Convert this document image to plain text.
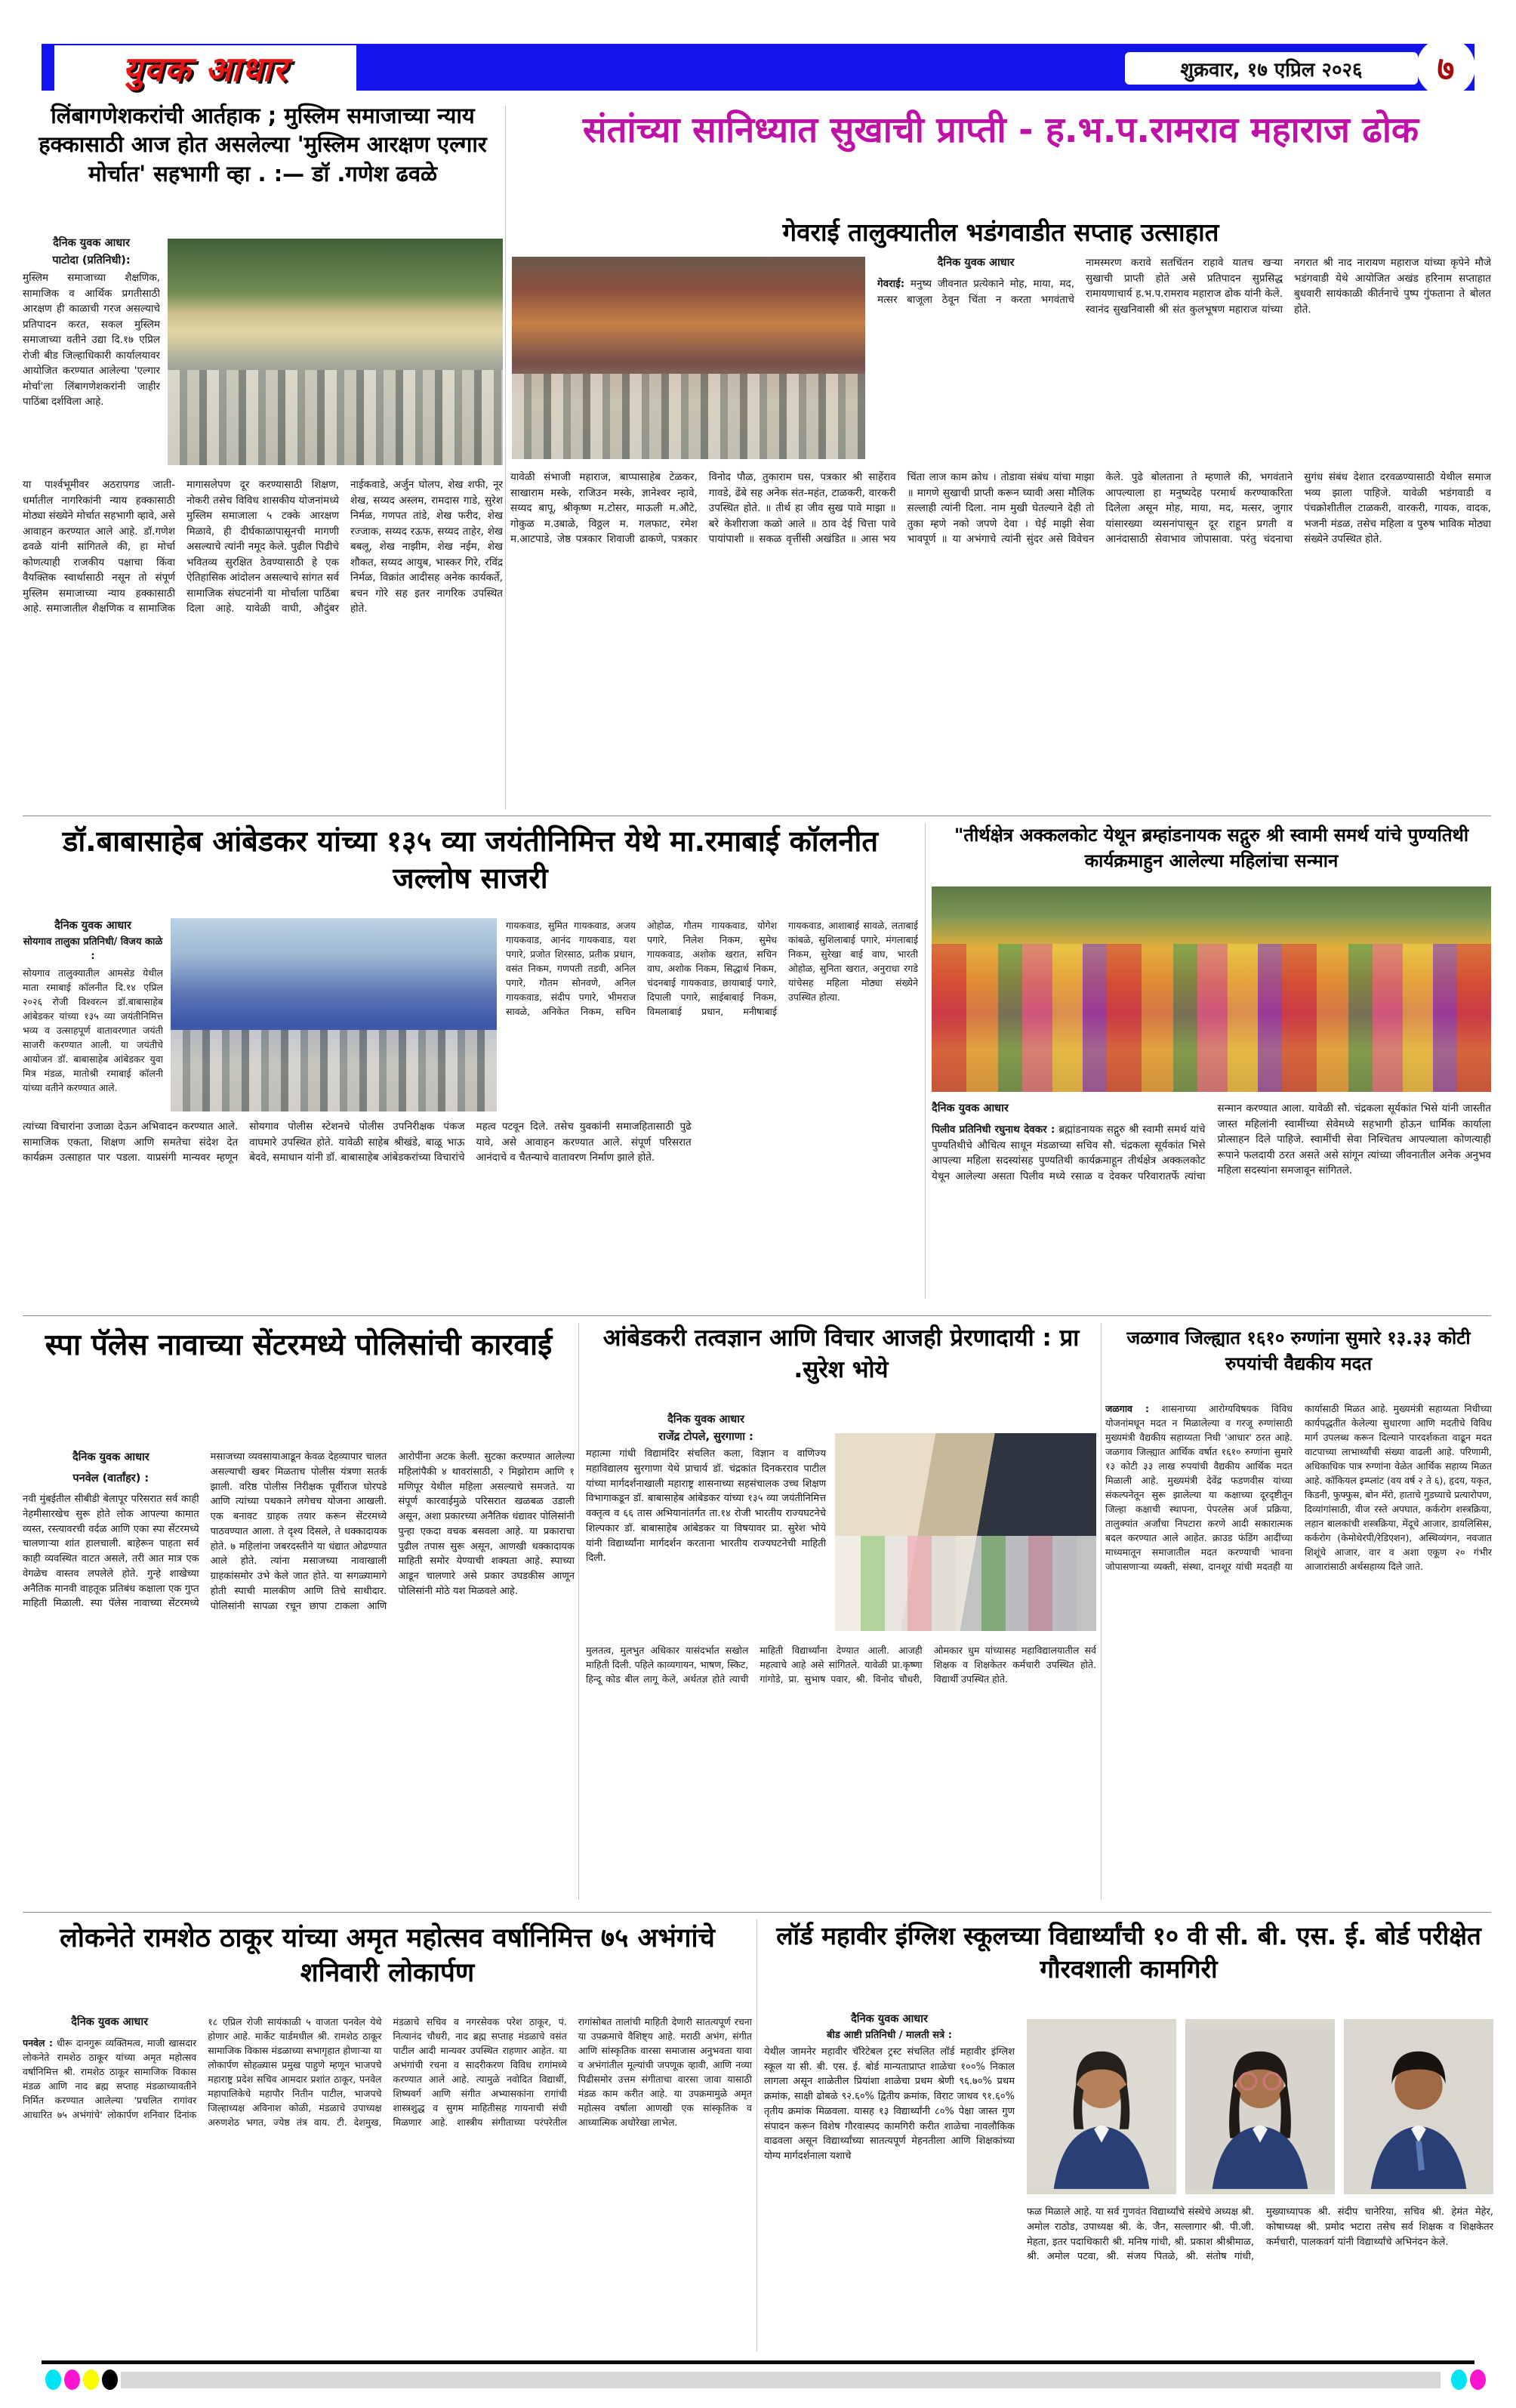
युवक आधार	शुक्रवार, १७ एप्रिल २०२६	७
लिंबागणेशकरांची आर्तहाक ; मुस्लिम समाजाच्या न्याय हक्कासाठी आज होत असलेल्या 'मुस्लिम आरक्षण एल्गार मोर्चात' सहभागी व्हा . :— डॉ .गणेश ढवळे
दैनिक युवक आधार
पाटोदा (प्रतिनिधी):
मुस्लिम समाजाच्या शैक्षणिक, सामाजिक व आर्थिक प्रगतीसाठी आरक्षण ही काळाची गरज असल्याचे प्रतिपादन करत, सकल मुस्लिम समाजाच्या वतीने उद्या दि.१७ एप्रिल रोजी बीड जिल्हाधिकारी कार्यालयावर आयोजित करण्यात आलेल्या 'एल्गार मोर्चा'ला लिंबागणेशकरांनी जाहीर पाठिंबा दर्शविला आहे.
या पार्श्वभूमीवर अठरापगड जाती-धर्मातील नागरिकांनी न्याय हक्कासाठी मोठ्या संख्येने मोर्चात सहभागी व्हावे, असे आवाहन करण्यात आले आहे. डॉ.गणेश ढवळे यांनी सांगितले की, हा मोर्चा कोणत्याही राजकीय पक्षाचा किंवा वैयक्तिक स्वार्थासाठी नसून तो संपूर्ण मुस्लिम समाजाच्या न्याय हक्कासाठी आहे. समाजातील शैक्षणिक व सामाजिक मागासलेपण दूर करण्यासाठी शिक्षण, नोकरी तसेच विविध शासकीय योजनांमध्ये मुस्लिम समाजाला ५ टक्के आरक्षण मिळावे, ही दीर्घकाळापासूनची मागणी असल्याचे त्यांनी नमूद केले. पुढील पिढीचे भवितव्य सुरक्षित ठेवण्यासाठी हे एक ऐतिहासिक आंदोलन असल्याचे सांगत सर्व सामाजिक संघटनांनी या मोर्चाला पाठिंबा दिला आहे. यावेळी वाघी, औदुंबर नाईकवाडे, अर्जुन घोलप, शेख शफी, नूर शेख, सय्यद अस्लम, रामदास गाडे, सुरेश निर्मळ, गणपत तांडे, शेख फरीद, शेख रज्जाक, सय्यद रऊफ, सय्यद ताहेर, शेख बबलू, शेख नाझीम, शेख नईम, शेख शौकत, सय्यद आयुब, भास्कर गिरे, रविंद्र निर्मळ, विक्रांत आदीसह अनेक कार्यकर्ते, बचन गोरे सह इतर नागरिक उपस्थित होते.
संतांच्या सानिध्यात सुखाची प्राप्ती - ह.भ.प.रामराव महाराज ढोक
गेवराई तालुक्यातील भडंगवाडीत सप्ताह उत्साहात

दैनिक युवक आधार

गेवराई: मनुष्य जीवनात प्रत्येकाने मोह, माया, मद, मत्सर बाजूला ठेवून चिंता न करता भगवंताचे नामस्मरण करावे सतचिंतन राहावे यातच खऱ्या सुखाची प्राप्ती होते असे प्रतिपादन सुप्रसिद्ध रामायणाचार्य ह.भ.प.रामराव महाराज ढोक यांनी केले. स्वानंद सुखनिवासी श्री संत कुलभूषण महाराज यांच्या नगरात श्री नाद नारायण महाराज यांच्या कृपेने मौजे भडंगवाडी येथे आयोजित अखंड हरिनाम सप्ताहात बुधवारी सायंकाळी कीर्तनाचे पुष्प गुंफताना ते बोलत होते.

यावेळी संभाजी महाराज, बाप्पासाहेब टेळकर, साखाराम मस्के, राजिउन मस्के, ज्ञानेश्वर न्हावे, सय्यद बापू, श्रीकृष्ण म.टोसर, माऊली म.औटे, गोकुळ म.उबाळे, विठ्ठल म. गलफाट, रमेश म.आटपाडे, जेष्ठ पत्रकार शिवाजी ढाकणे, पत्रकार विनोद पौळ, तुकाराम घस, पत्रकार श्री साहेंराव गावडे, ढेंबे सह अनेक संत-महंत, टाळकरी, वारकरी उपस्थित होते. ॥ तीर्थ हा जीव सुख पावे माझा ॥ बरे केशीराजा कळो आले ॥ ठाव देई चित्ता पावे पायांपाशी ॥ सकळ वृत्तींसी अखंडित ॥ आस भय चिंता लाज काम क्रोध । तोडावा संबंध यांचा माझा ॥ मागणे सुखाची प्राप्ती करून घ्यावी असा मौलिक सल्लाही त्यांनी दिला. नाम मुखी घेतल्याने देही तो तुका म्हणे नको जपणे देवा । घेई माझी सेवा भावपूर्ण ॥ या अभंगाचे त्यांनी सुंदर असे विवेचन केले. पुढे बोलताना ते म्हणाले की, भगवंताने आपल्याला हा मनुष्यदेह परमार्थ करण्याकरिता दिलेला असून मोह, माया, मद, मत्सर, जुगार यांसारख्या व्यसनांपासून दूर राहून प्रगती व आनंदासाठी सेवाभाव जोपासावा. परंतु चंदनाचा सुगंध संबंध देशात दरवळण्यासाठी येथील समाज भव्य झाला पाहिजे. यावेळी भडंगवाडी व पंचक्रोशीतील टाळकरी, वारकरी, गायक, वादक, भजनी मंडळ, तसेच महिला व पुरुष भाविक मोठ्या संख्येने उपस्थित होते.
डॉ.बाबासाहेब आंबेडकर यांच्या १३५ व्या जयंतीनिमित्त येथे मा.रमाबाई कॉलनीत जल्लोष साजरी
दैनिक युवक आधार
सोयगाव तालुका प्रतिनिधी/ विजय काळे :
सोयगाव तालुक्यातील आमसेड येथील माता रमाबाई कॉलनीत दि.१४ एप्रिल २०२६ रोजी विश्वरत्न डॉ.बाबासाहेब आंबेडकर यांच्या १३५ व्या जयंतीनिमित्त भव्य व उत्साहपूर्ण वातावरणात जयंती साजरी करण्यात आली. या जयंतीचे आयोजन डॉ. बाबासाहेब आंबेडकर युवा मित्र मंडळ, मातोश्री रमाबाई कॉलनी यांच्या वतीने करण्यात आले.
गायकवाड, सुमित गायकवाड, अजय गायकवाड, आनंद गायकवाड, यश पगारे, प्रजोत शिरसाठ, प्रतीक प्रधान, वसंत निकम, गणपती तडवी, अनिल पगारे, गौतम सोनवणे, अनिल गायकवाड, संदीप पगारे, भीमराज सावळे, अनिकेत निकम, सचिन ओहोळ, गौतम गायकवाड, योगेश पगारे, निलेश निकम, सुमेध गायकवाड, अशोक खरात, सचिन वाघ, अशोक निकम, सिद्धार्थ निकम, चंदनबाई गायकवाड, छायाबाई पगारे, दिपाली पगारे, साईबाबाई निकम, विमलाबाई प्रधान, मनीषाबाई गायकवाड, आशाबाई सावळे, लताबाई कांबळे, सुशिलाबाई पगारे, मंगलाबाई निकम, सुरेखा बाई वाघ, भारती ओहोळ, सुनिता खरात, अनुराधा रगडे यांचेसह महिला मोठ्या संख्येने उपस्थित होत्या.
त्यांच्या विचारांना उजाळा देऊन अभिवादन करण्यात आले. सामाजिक एकता, शिक्षण आणि समतेचा संदेश देत कार्यक्रम उत्साहात पार पडला. याप्रसंगी मान्यवर म्हणून सोयगाव पोलीस स्टेशनचे पोलीस उपनिरीक्षक पंकज वाघमारे उपस्थित होते. यावेळी साहेब श्रीखंडे, बाळू भाऊ बेदवे, समाधान यांनी डॉ. बाबासाहेब आंबेडकरांच्या विचारांचे महत्व पटवून दिले. तसेच युवकांनी समाजहितासाठी पुढे यावे, असे आवाहन करण्यात आले. संपूर्ण परिसरात आनंदाचे व चैतन्याचे वातावरण निर्माण झाले होते.
"तीर्थक्षेत्र अक्कलकोट येथून ब्रम्हांडनायक सद्गुरु श्री स्वामी समर्थ यांचे पुण्यतिथी कार्यक्रमाहुन आलेल्या महिलांचा सन्मान

दैनिक युवक आधार

पिलीव प्रतिनिधी रघुनाथ देवकर : ब्रह्मांडनायक सद्गुरु श्री स्वामी समर्थ यांचे पुण्यतिथीचे औचित्य साधून मंडळाच्या सचिव सौ. चंद्रकला सूर्यकांत भिसे आपल्या महिला सदस्यांसह पुण्यतिथी कार्यक्रमाहून तीर्थक्षेत्र अक्कलकोट येथून आलेल्या असता पिलीव मध्ये रसाळ व देवकर परिवारातर्फे त्यांचा सन्मान करण्यात आला. यावेळी सौ. चंद्रकला सूर्यकांत भिसे यांनी जास्तीत जास्त महिलांनी स्वामींच्या सेवेमध्ये सहभागी होऊन धार्मिक कार्याला प्रोत्साहन दिले पाहिजे. स्वामींची सेवा निश्चितच आपल्याला कोणत्याही रूपाने फलदायी ठरत असते असे सांगून त्यांच्या जीवनातील अनेक अनुभव महिला सदस्यांना समजावून सांगितले.

स्पा पॅलेस नावाच्या सेंटरमध्ये पोलिसांची कारवाई

दैनिक युवक आधार

पनवेल (वार्तांहर) :

नवी मुंबईतील सीबीडी बेलापूर परिसरात सर्व काही नेहमीसारखेच सुरू होते लोक आपल्या कामात व्यस्त, रस्त्यावरची वर्दळ आणि एका स्पा सेंटरमध्ये चालणाऱ्या शांत हालचाली. बाहेरून पाहता सर्व काही व्यवस्थित वाटत असले, तरी आत मात्र एक वेगळेच वास्तव लपलेले होते. गुन्हे शाखेच्या अनैतिक मानवी वाहतूक प्रतिबंध कक्षाला एक गुप्त माहिती मिळाली. स्पा पॅलेस नावाच्या सेंटरमध्ये मसाजच्या व्यवसायाआडून केवळ देहव्यापार चालत असल्याची खबर मिळताच पोलीस यंत्रणा सतर्क झाली. वरिष्ठ पोलीस निरीक्षक पूर्वीराज घोरपडे आणि त्यांच्या पथकाने लगेचच योजना आखली. एक बनावट ग्राहक तयार करून सेंटरमध्ये पाठवण्यात आला. ते दृश्य दिसले, ते धक्कादायक होते. ७ महिलांना जबरदस्तीने या धंद्यात ओढण्यात आले होते. त्यांना मसाजच्या नावाखाली ग्राहकांसमोर उभे केले जात होते. या सगळ्यामागे होती स्पाची मालकीण आणि तिचे साथीदार. पोलिसांनी सापळा रचून छापा टाकला आणि आरोपींना अटक केली. सुटका करण्यात आलेल्या महिलांपैकी ४ थावरांसाठी, २ मिझोराम आणि १ मणिपूर येथील महिला असल्याचे समजते. या संपूर्ण कारवाईमुळे परिसरात खळबळ उडाली असून, अशा प्रकारच्या अनैतिक धंद्यावर पोलिसांनी पुन्हा एकदा वचक बसवला आहे. या प्रकाराचा पुढील तपास सुरू असून, आणखी धक्कादायक माहिती समोर येण्याची शक्यता आहे. स्पाच्या आडून चालणारे असे प्रकार उघडकीस आणून पोलिसांनी मोठे यश मिळवले आहे.

आंबेडकरी तत्वज्ञान आणि विचार आजही प्रेरणादायी : प्रा .सुरेश भोये
दैनिक युवक आधार
राजेंद्र टोपले, सुरगाणा :
महात्मा गांधी विद्यामंदिर संचलित कला, विज्ञान व वाणिज्य महाविद्यालय सुरगाणा येथे प्राचार्य डॉ. चंद्रकांत दिनकरराव पाटील यांच्या मार्गदर्शनाखाली महाराष्ट्र शासनाच्या सहसंचालक उच्च शिक्षण विभागाकडून डॉ. बाबासाहेब आंबेडकर यांच्या १३५ व्या जयंतीनिमित्त वक्तृत्व व ६६ तास अभियानांतर्गत ता.१४ रोजी भारतीय राज्यघटनेचे शिल्पकार डॉ. बाबासाहेब आंबेडकर या विषयावर प्रा. सुरेश भोये यांनी विद्यार्थ्यांना मार्गदर्शन करताना भारतीय राज्यघटनेची माहिती दिली.
मुलतत्व, मुलभुत अधिकार यासंदर्भात सखोल माहिती दिली. पहिले काव्यगायन, भाषण, स्किट, हिन्दू कोड बील लागू केले, अर्थतज्ञ होते त्याची माहिती विद्यार्थ्यांना देण्यात आली. आजही महत्वाचे आहे असे सांगितले. यावेळी प्रा.कृष्णा गांगोडे, प्रा. सुभाष पवार, श्री. विनोद चौधरी, ओमकार धुम यांच्यासह महाविद्यालयातील सर्व शिक्षक व शिक्षकेतर कर्मचारी उपस्थित होते. विद्यार्थी उपस्थित होते.
जळगाव जिल्ह्यात १६१० रुग्णांना सुमारे १३.३३ कोटी रुपयांची वैद्यकीय मदत

जळगाव : शासनाच्या आरोग्यविषयक विविध योजनांमधून मदत न मिळालेल्या व गरजू रुग्णांसाठी मुख्यमंत्री वैद्यकीय सहाय्यता निधी 'आधार' ठरत आहे. जळगाव जिल्ह्यात आर्थिक वर्षात १६१० रुग्णांना सुमारे १३ कोटी ३३ लाख रुपयांची वैद्यकीय आर्थिक मदत मिळाली आहे. मुख्यमंत्री देवेंद्र फडणवीस यांच्या संकल्पनेतून सुरू झालेल्या या कक्षाच्या दूरदृष्टीतून जिल्हा कक्षाची स्थापना, पेपरलेस अर्ज प्रक्रिया, तालुक्यांत अर्जांचा निपटारा करणे आदी सकारात्मक बदल करण्यात आले आहेत. क्राउड फंडिंग आदींच्या माध्यमातून समाजातील मदत करण्याची भावना जोपासणाऱ्या व्यक्ती, संस्था, दानशूर यांची मदतही या कार्यासाठी मिळत आहे. मुख्यमंत्री सहाय्यता निधीच्या कार्यपद्धतीत केलेल्या सुधारणा आणि मदतीचे विविध मार्ग उपलब्ध करून दिल्याने पारदर्शकता वाढून मदत वाटपाच्या लाभार्थ्यांची संख्या वाढली आहे. परिणामी, अधिकाधिक पात्र रुग्णांना वेळेत आर्थिक सहाय्य मिळत आहे. कॉकियल इम्प्लांट (वय वर्ष २ ते ६), हृदय, यकृत, किडनी, फुफ्फुस, बोन मॅरो, हाताचे गुडघ्याचे प्रत्यारोपण, दिव्यांगांसाठी, वीज रस्ते अपघात, कर्करोग शस्त्रक्रिया, लहान बालकांची शस्त्रक्रिया, मेंदूचे आजार, डायलिसिस, कर्करोग (केमोथेरपी/रेडिएशन), अस्थिव्यंगन, नवजात शिशूंचे आजार, वार व अशा एकूण २० गंभीर आजारांसाठी अर्थसहाय्य दिले जाते.

लोकनेते रामशेठ ठाकूर यांच्या अमृत महोत्सव वर्षानिमित्त ७५ अभंगांचे शनिवारी लोकार्पण

दैनिक युवक आधार

पनवेल : धीरू दानगुरू व्यक्तिमत्व, माजी खासदार लोकनेते रामशेठ ठाकूर यांच्या अमृत महोत्सव वर्षानिमित्त श्री. रामशेठ ठाकूर सामाजिक विकास मंडळ आणि नाद ब्रह्म सप्ताह मंडळाच्यावतीने निर्मित करण्यात आलेल्या 'प्रचलित रागांवर आधारित ७५ अभंगांचे' लोकार्पण शनिवार दिनांक १८ एप्रिल रोजी सायंकाळी ५ वाजता पनवेल येथे होणार आहे. मार्केट यार्डमधील श्री. रामशेठ ठाकूर सामाजिक विकास मंडळाच्या सभागृहात होणाऱ्या या लोकार्पण सोहळ्यास प्रमुख पाहुणे म्हणून भाजपचे महाराष्ट्र प्रदेश सचिव आमदार प्रशांत ठाकूर, पनवेल महापालिकेचे महापौर नितीन पाटील, भाजपचे जिल्हाध्यक्ष अविनाश कोळी, मंडळाचे उपाध्यक्ष अरुणशेठ भगत, ज्येष्ठ तंत्र वाय. टी. देशमुख, मंडळाचे सचिव व नगरसेवक परेश ठाकूर, पं. नित्यानंद चौधरी, नाद ब्रह्म सप्ताह मंडळाचे वसंत पाटील आदी मान्यवर उपस्थित राहणार आहेत. या अभंगांची रचना व सादरीकरण विविध रागांमध्ये करण्यात आले आहे. त्यामुळे नवोदित विद्यार्थी, शिष्यवर्ग आणि संगीत अभ्यासकांना रागांची शास्त्रशुद्ध व सुगम माहितीसह गायनाची संधी मिळणार आहे. शास्त्रीय संगीताच्या परंपरेतील रागांसोबत तालांची माहिती देणारी सातत्यपूर्ण रचना या उपक्रमाचे वैशिष्ट्य आहे. मराठी अभंग, संगीत आणि सांस्कृतिक वारसा समाजास अनुभवता यावा व अभंगांतील मूल्यांची जपणूक व्हावी, आणि नव्या पिढीसमोर उत्तम संगीताचा वारसा जावा यासाठी मंडळ काम करीत आहे. या उपक्रमामुळे अमृत महोत्सव वर्षाला आणखी एक सांस्कृतिक व आध्यात्मिक अधोरेखा लाभेल.

लॉर्ड महावीर इंग्लिश स्कूलच्या विद्यार्थ्यांची १० वी सी. बी. एस. ई. बोर्ड परीक्षेत गौरवशाली कामगिरी
दैनिक युवक आधार
बीड आष्टी प्रतिनिधी / मालती सत्रे :
येथील जामनेर महावीर चॅरिटेबल ट्रस्ट संचलित लॉर्ड महावीर इंग्लिश स्कूल या सी. बी. एस. ई. बोर्ड मान्यताप्राप्त शाळेचा १००% निकाल लागला असून शाळेतील प्रियांशा शाळेचा प्रथम श्रेणी ९६.७०% प्रथम क्रमांक, साक्षी ढोबळे ९२.६०% द्वितीय क्रमांक, विराट जाधव ९१.६०% तृतीय क्रमांक मिळवला. यासह १३ विद्यार्थ्यांनी ८०% पेक्षा जास्त गुण संपादन करून विशेष गौरवास्पद कामगिरी करीत शाळेचा नावलौकिक वाढवला असून विद्यार्थ्यांच्या सातत्यपूर्ण मेहनतीला आणि शिक्षकांच्या योग्य मार्गदर्शनाला यशाचे
फळ मिळाले आहे. या सर्व गुणवंत विद्यार्थ्यांचे संस्थेचे अध्यक्ष श्री. अमोल राठोड, उपाध्यक्ष श्री. के. जैन, सल्लागार श्री. पी.जी. मेहता, इतर पदाधिकारी श्री. मनिष गांधी, श्री. प्रकाश श्रीश्रीमाळ, श्री. अमोल पटवा, श्री. संजय पितळे, श्री. संतोष गांधी, मुख्याध्यापक श्री. संदीप चानेरिया, सचिव श्री. हेमंत मेहेर, कोषाध्यक्ष श्री. प्रमोद भटारा तसेच सर्व शिक्षक व शिक्षकेतर कर्मचारी, पालकवर्ग यांनी विद्यार्थ्यांचे अभिनंदन केले.
